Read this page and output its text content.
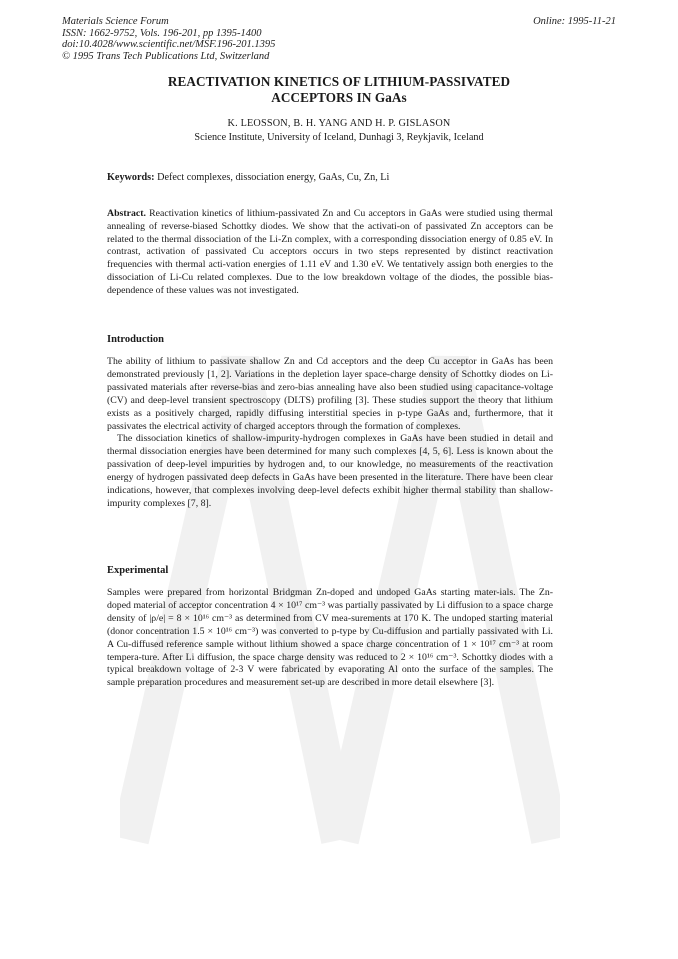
Materials Science Forum
ISSN: 1662-9752, Vols. 196-201, pp 1395-1400
doi:10.4028/www.scientific.net/MSF.196-201.1395
© 1995 Trans Tech Publications Ltd, Switzerland
Online: 1995-11-21
REACTIVATION KINETICS OF LITHIUM-PASSIVATED
ACCEPTORS IN GaAs
K. LEOSSON, B. H. YANG AND H. P. GISLASON
Science Institute, University of Iceland, Dunhagi 3, Reykjavik, Iceland
Keywords: Defect complexes, dissociation energy, GaAs, Cu, Zn, Li
Abstract. Reactivation kinetics of lithium-passivated Zn and Cu acceptors in GaAs were studied using thermal annealing of reverse-biased Schottky diodes. We show that the activati-on of passivated Zn acceptors can be related to the thermal dissociation of the Li-Zn complex, with a corresponding dissociation energy of 0.85 eV. In contrast, activation of passivated Cu acceptors occurs in two steps represented by distinct reactivation frequencies with thermal acti-vation energies of 1.11 eV and 1.30 eV. We tentatively assign both energies to the dissociation of Li-Cu related complexes. Due to the low breakdown voltage of the diodes, the possible bias-dependence of these values was not investigated.
Introduction

The ability of lithium to passivate shallow Zn and Cd acceptors and the deep Cu acceptor in GaAs has been demonstrated previously [1, 2]. Variations in the depletion layer space-charge density of Schottky diodes on Li-passivated materials after reverse-bias and zero-bias annealing have also been studied using capacitance-voltage (CV) and deep-level transient spectroscopy (DLTS) profiling [3]. These studies support the theory that lithium exists as a positively charged, rapidly diffusing interstitial species in p-type GaAs and, furthermore, that it passivates the electrical activity of charged acceptors through the formation of complexes.

The dissociation kinetics of shallow-impurity-hydrogen complexes in GaAs have been studied in detail and thermal dissociation energies have been determined for many such complexes [4, 5, 6]. Less is known about the passivation of deep-level impurities by hydrogen and, to our knowledge, no measurements of the reactivation energy of hydrogen passivated deep defects in GaAs have been presented in the literature. There have been clear indications, however, that complexes involving deep-level defects exhibit higher thermal stability than shallow-impurity complexes [7, 8].

Experimental

Samples were prepared from horizontal Bridgman Zn-doped and undoped GaAs starting mater-ials. The Zn-doped material of acceptor concentration 4 × 10¹⁷ cm⁻³ was partially passivated by Li diffusion to a space charge density of |ρ/e| = 8 × 10¹⁶ cm⁻³ as determined from CV mea-surements at 170 K. The undoped starting material (donor concentration 1.5 × 10¹⁶ cm⁻³) was converted to p-type by Cu-diffusion and partially passivated with Li. A Cu-diffused reference sample without lithium showed a space charge concentration of 1 × 10¹⁷ cm⁻³ at room tempera-ture. After Li diffusion, the space charge density was reduced to 2 × 10¹⁶ cm⁻³. Schottky diodes with a typical breakdown voltage of 2-3 V were fabricated by evaporating Al onto the surface of the samples. The sample preparation procedures and measurement set-up are described in more detail elsewhere [3].
